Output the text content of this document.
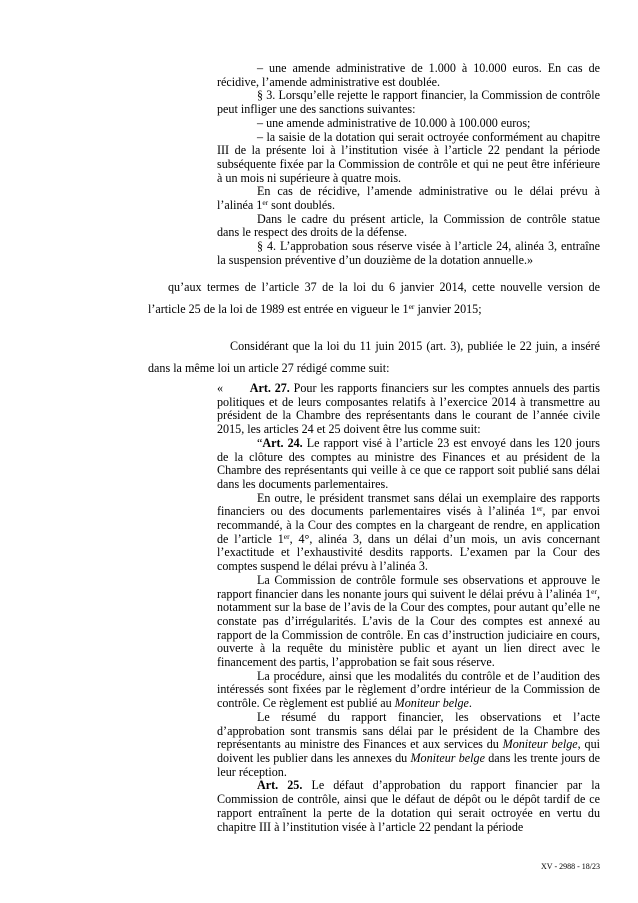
– une amende administrative de 1.000 à 10.000 euros. En cas de récidive, l’amende administrative est doublée.

§ 3. Lorsqu’elle rejette le rapport financier, la Commission de contrôle peut infliger une des sanctions suivantes:

– une amende administrative de 10.000 à 100.000 euros;

– la saisie de la dotation qui serait octroyée conformément au chapitre III de la présente loi à l’institution visée à l’article 22 pendant la période subséquente fixée par la Commission de contrôle et qui ne peut être inférieure à un mois ni supérieure à quatre mois.

En cas de récidive, l’amende administrative ou le délai prévu à l’alinéa 1er sont doublés.

Dans le cadre du présent article, la Commission de contrôle statue dans le respect des droits de la défense.

§ 4. L’approbation sous réserve visée à l’article 24, alinéa 3, entraîne la suspension préventive d’un douzième de la dotation annuelle.»

qu’aux termes de l’article 37 de la loi du 6 janvier 2014, cette nouvelle version de l’article 25 de la loi de 1989 est entrée en vigueur le 1er janvier 2015;

Considérant que la loi du 11 juin 2015 (art. 3), publiée le 22 juin, a inséré dans la même loi un article 27 rédigé comme suit:

« Art. 27. Pour les rapports financiers sur les comptes annuels des partis politiques et de leurs composantes relatifs à l’exercice 2014 à transmettre au président de la Chambre des représentants dans le courant de l’année civile 2015, les articles 24 et 25 doivent être lus comme suit:

“Art. 24. Le rapport visé à l’article 23 est envoyé dans les 120 jours de la clôture des comptes au ministre des Finances et au président de la Chambre des représentants qui veille à ce que ce rapport soit publié sans délai dans les documents parlementaires.

En outre, le président transmet sans délai un exemplaire des rapports financiers ou des documents parlementaires visés à l’alinéa 1er, par envoi recommandé, à la Cour des comptes en la chargeant de rendre, en application de l’article 1er, 4°, alinéa 3, dans un délai d’un mois, un avis concernant l’exactitude et l’exhaustivité desdits rapports. L’examen par la Cour des comptes suspend le délai prévu à l’alinéa 3.

La Commission de contrôle formule ses observations et approuve le rapport financier dans les nonante jours qui suivent le délai prévu à l’alinéa 1er, notamment sur la base de l’avis de la Cour des comptes, pour autant qu’elle ne constate pas d’irrégularités. L’avis de la Cour des comptes est annexé au rapport de la Commission de contrôle. En cas d’instruction judiciaire en cours, ouverte à la requête du ministère public et ayant un lien direct avec le financement des partis, l’approbation se fait sous réserve.

La procédure, ainsi que les modalités du contrôle et de l’audition des intéressés sont fixées par le règlement d’ordre intérieur de la Commission de contrôle. Ce règlement est publié au Moniteur belge.

Le résumé du rapport financier, les observations et l’acte d’approbation sont transmis sans délai par le président de la Chambre des représentants au ministre des Finances et aux services du Moniteur belge, qui doivent les publier dans les annexes du Moniteur belge dans les trente jours de leur réception.

Art. 25. Le défaut d’approbation du rapport financier par la Commission de contrôle, ainsi que le défaut de dépôt ou le dépôt tardif de ce rapport entraînent la perte de la dotation qui serait octroyée en vertu du chapitre III à l’institution visée à l’article 22 pendant la période

XV - 2988 - 18/23
